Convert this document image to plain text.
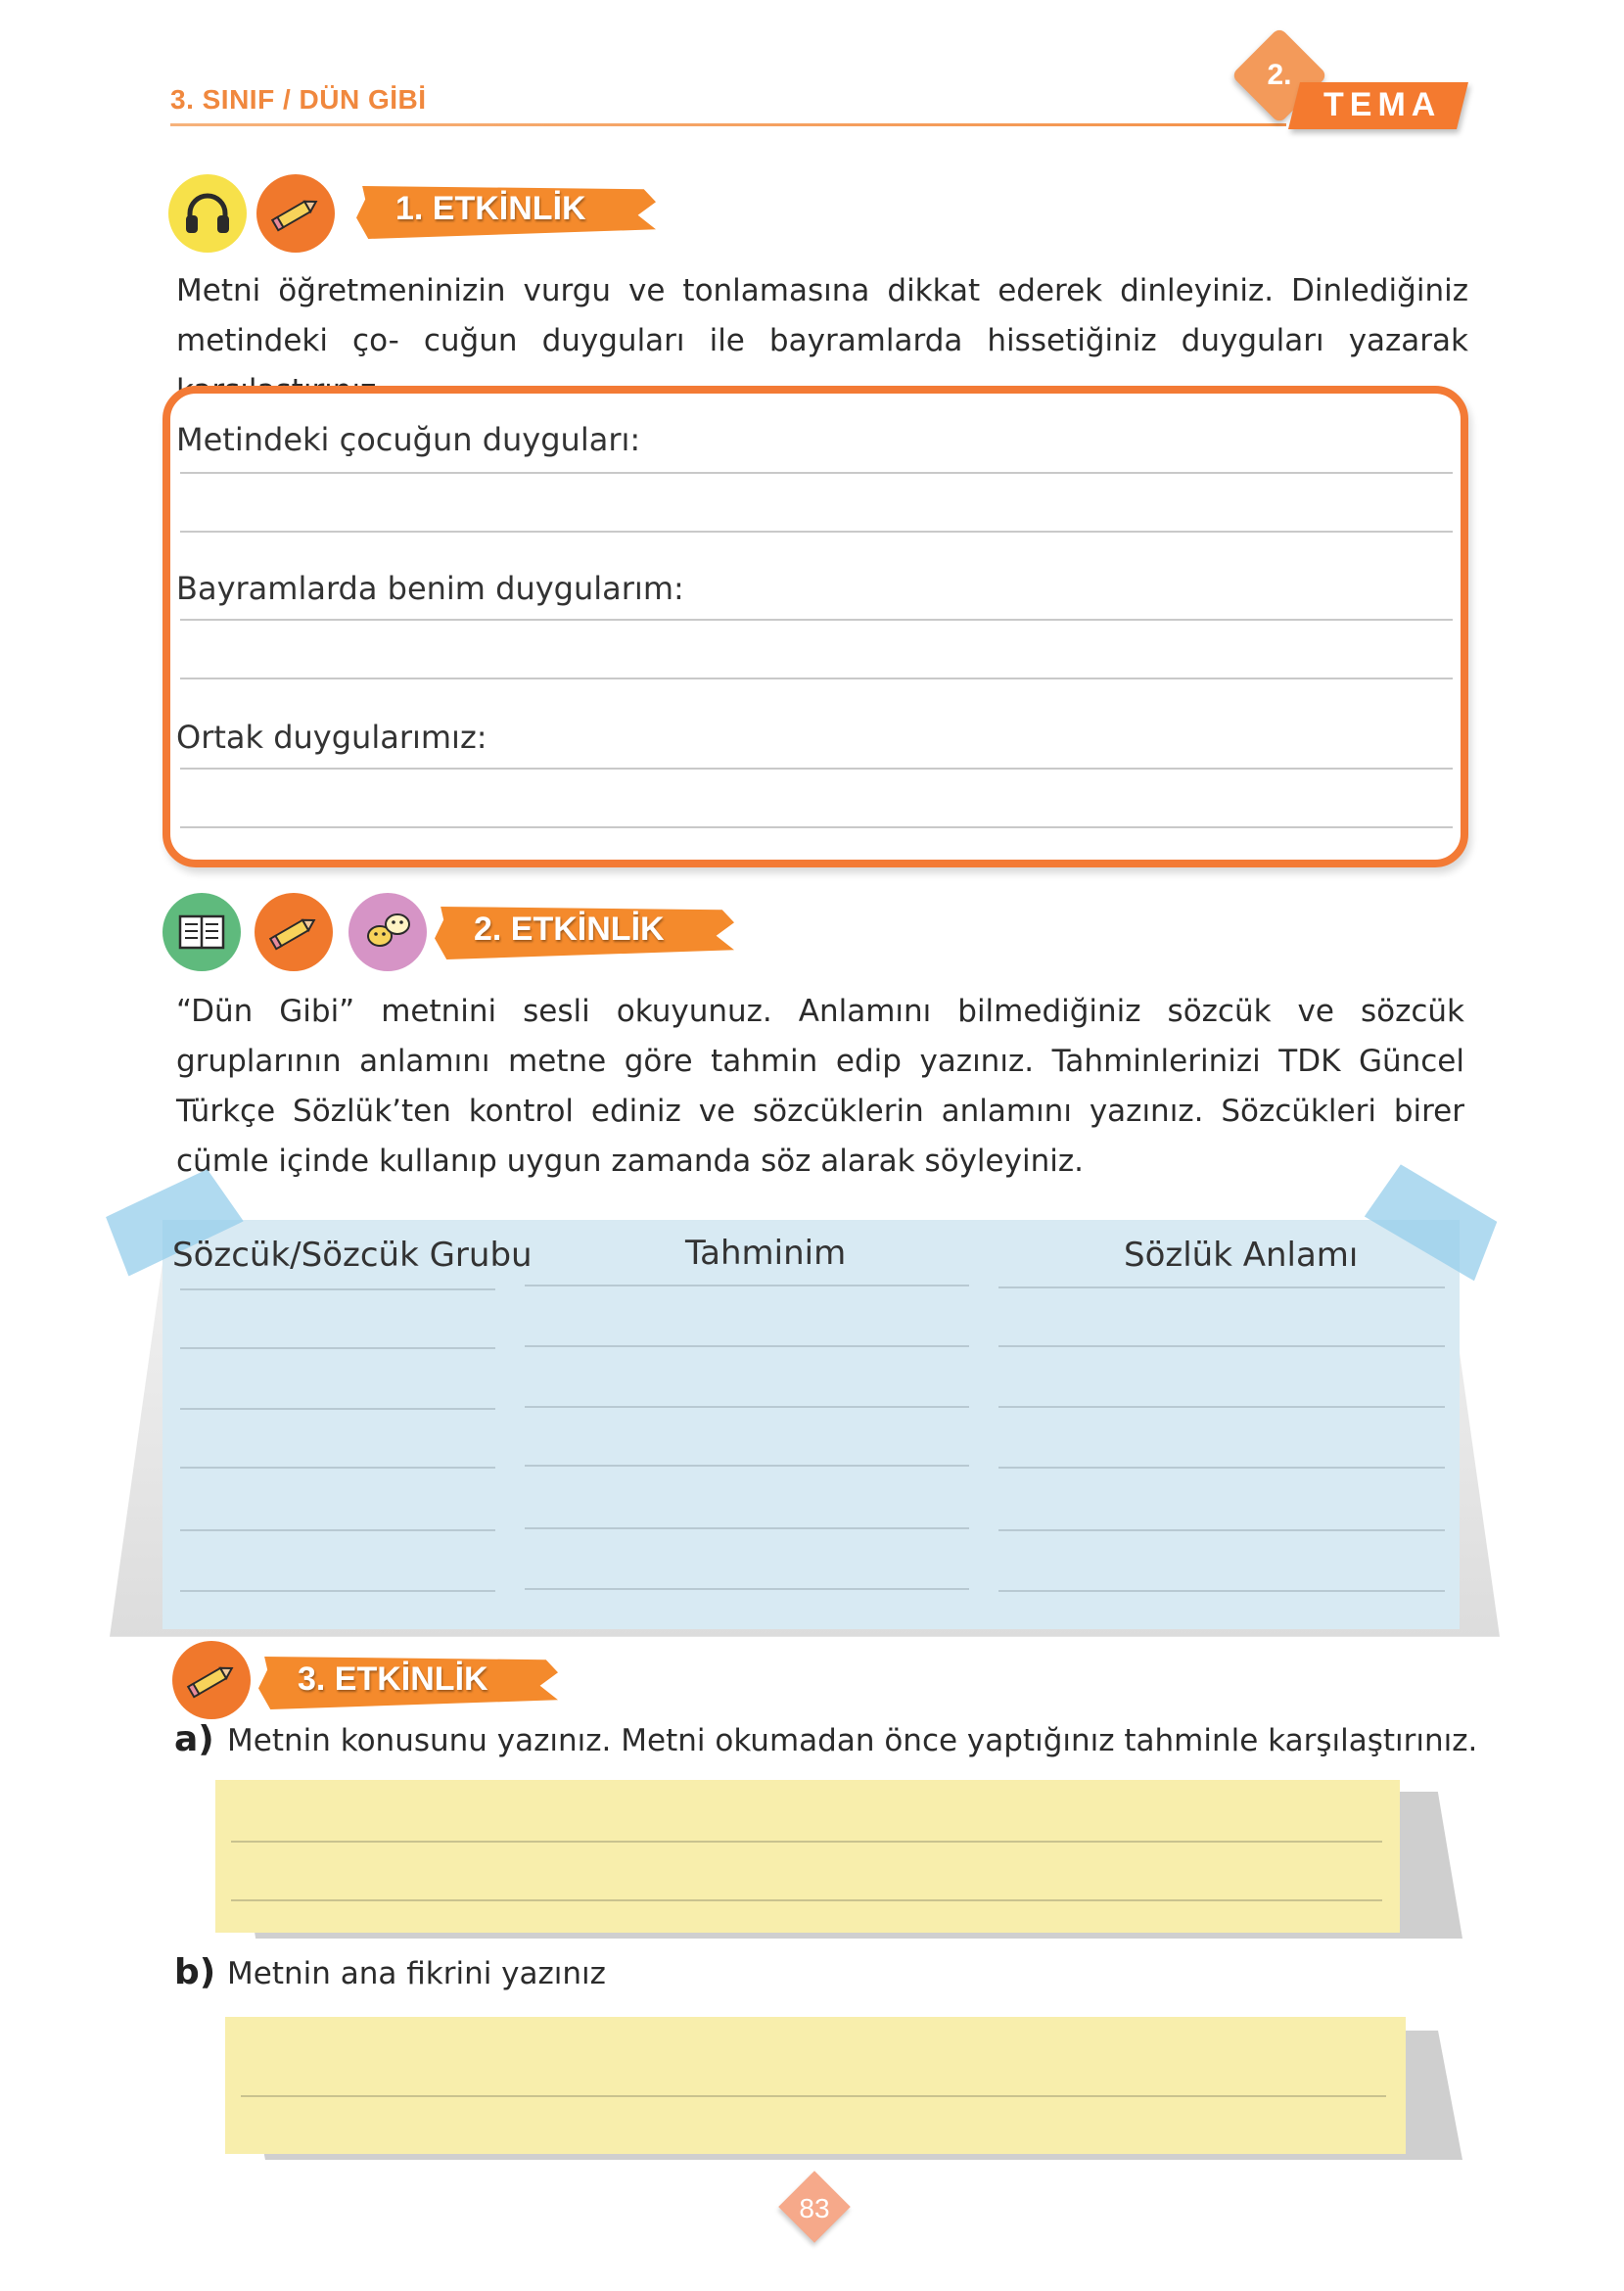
3. SINIF / DÜN GİBİ
2.
TEMA
1. ETKİNLİK
Metni öğretmeninizin vurgu ve tonlamasına dikkat ederek dinleyiniz. Dinlediğiniz metindeki ço- cuğun duyguları ile bayramlarda hissetiğiniz duyguları yazarak
Metindeki çocuğun duyguları:
Bayramlarda benim duygularım:
Ortak duygularımız:
2. ETKİNLİK
“Dün Gibi” metnini sesli okuyunuz. Anlamını bilmediğiniz sözcük ve sözcük gruplarının anlamını metne göre tahmin edip yazınız. Tahminlerinizi TDK Güncel Türkçe Sözlük’ten kontrol ediniz ve sözcüklerin anlamını yazınız. Sözcükleri birer cümle içinde kullanıp uygun zamanda söz alarak söyleyiniz.
Sözcük/Sözcük Grubu	Tahminim	Sözlük Anlamı
3. ETKİNLİK
a) Metnin konusunu yazınız. Metni okumadan önce yaptığınız tahminle karşılaştırınız.
b) Metnin ana fikrini yazınız
83
